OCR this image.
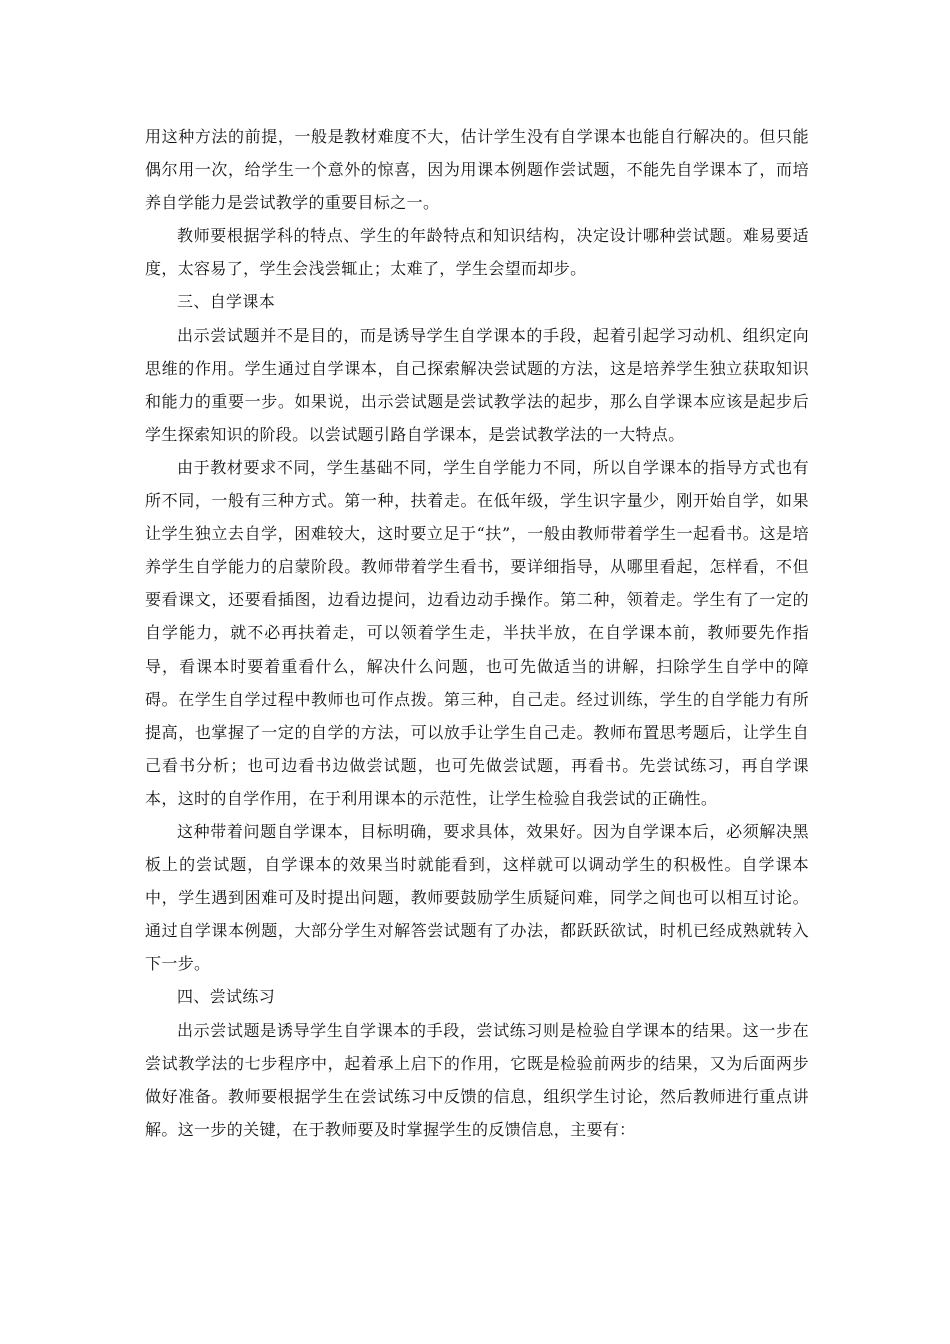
用这种方法的前提，一般是教材难度不大，估计学生没有自学课本也能自行解决的。但只能偶尔用一次，给学生一个意外的惊喜，因为用课本例题作尝试题，不能先自学课本了，而培养自学能力是尝试教学的重要目标之一。

教师要根据学科的特点、学生的年龄特点和知识结构，决定设计哪种尝试题。难易要适度，太容易了，学生会浅尝辄止；太难了，学生会望而却步。

三、自学课本

出示尝试题并不是目的，而是诱导学生自学课本的手段，起着引起学习动机、组织定向思维的作用。学生通过自学课本，自己探索解决尝试题的方法，这是培养学生独立获取知识和能力的重要一步。如果说，出示尝试题是尝试教学法的起步，那么自学课本应该是起步后学生探索知识的阶段。以尝试题引路自学课本，是尝试教学法的一大特点。

由于教材要求不同，学生基础不同，学生自学能力不同，所以自学课本的指导方式也有所不同，一般有三种方式。第一种，扶着走。在低年级，学生识字量少，刚开始自学，如果让学生独立去自学，困难较大，这时要立足于“扶”，一般由教师带着学生一起看书。这是培养学生自学能力的启蒙阶段。教师带着学生看书，要详细指导，从哪里看起，怎样看，不但要看课文，还要看插图，边看边提问，边看边动手操作。第二种，领着走。学生有了一定的自学能力，就不必再扶着走，可以领着学生走，半扶半放，在自学课本前，教师要先作指导，看课本时要着重看什么，解决什么问题，也可先做适当的讲解，扫除学生自学中的障碍。在学生自学过程中教师也可作点拨。第三种，自己走。经过训练，学生的自学能力有所提高，也掌握了一定的自学的方法，可以放手让学生自己走。教师布置思考题后，让学生自己看书分析；也可边看书边做尝试题，也可先做尝试题，再看书。先尝试练习，再自学课本，这时的自学作用，在于利用课本的示范性，让学生检验自我尝试的正确性。

这种带着问题自学课本，目标明确，要求具体，效果好。因为自学课本后，必须解决黑板上的尝试题，自学课本的效果当时就能看到，这样就可以调动学生的积极性。自学课本中，学生遇到困难可及时提出问题，教师要鼓励学生质疑问难，同学之间也可以相互讨论。通过自学课本例题，大部分学生对解答尝试题有了办法，都跃跃欲试，时机已经成熟就转入下一步。

四、尝试练习

出示尝试题是诱导学生自学课本的手段，尝试练习则是检验自学课本的结果。这一步在尝试教学法的七步程序中，起着承上启下的作用，它既是检验前两步的结果，又为后面两步做好准备。教师要根据学生在尝试练习中反馈的信息，组织学生讨论，然后教师进行重点讲解。这一步的关键，在于教师要及时掌握学生的反馈信息，主要有：
